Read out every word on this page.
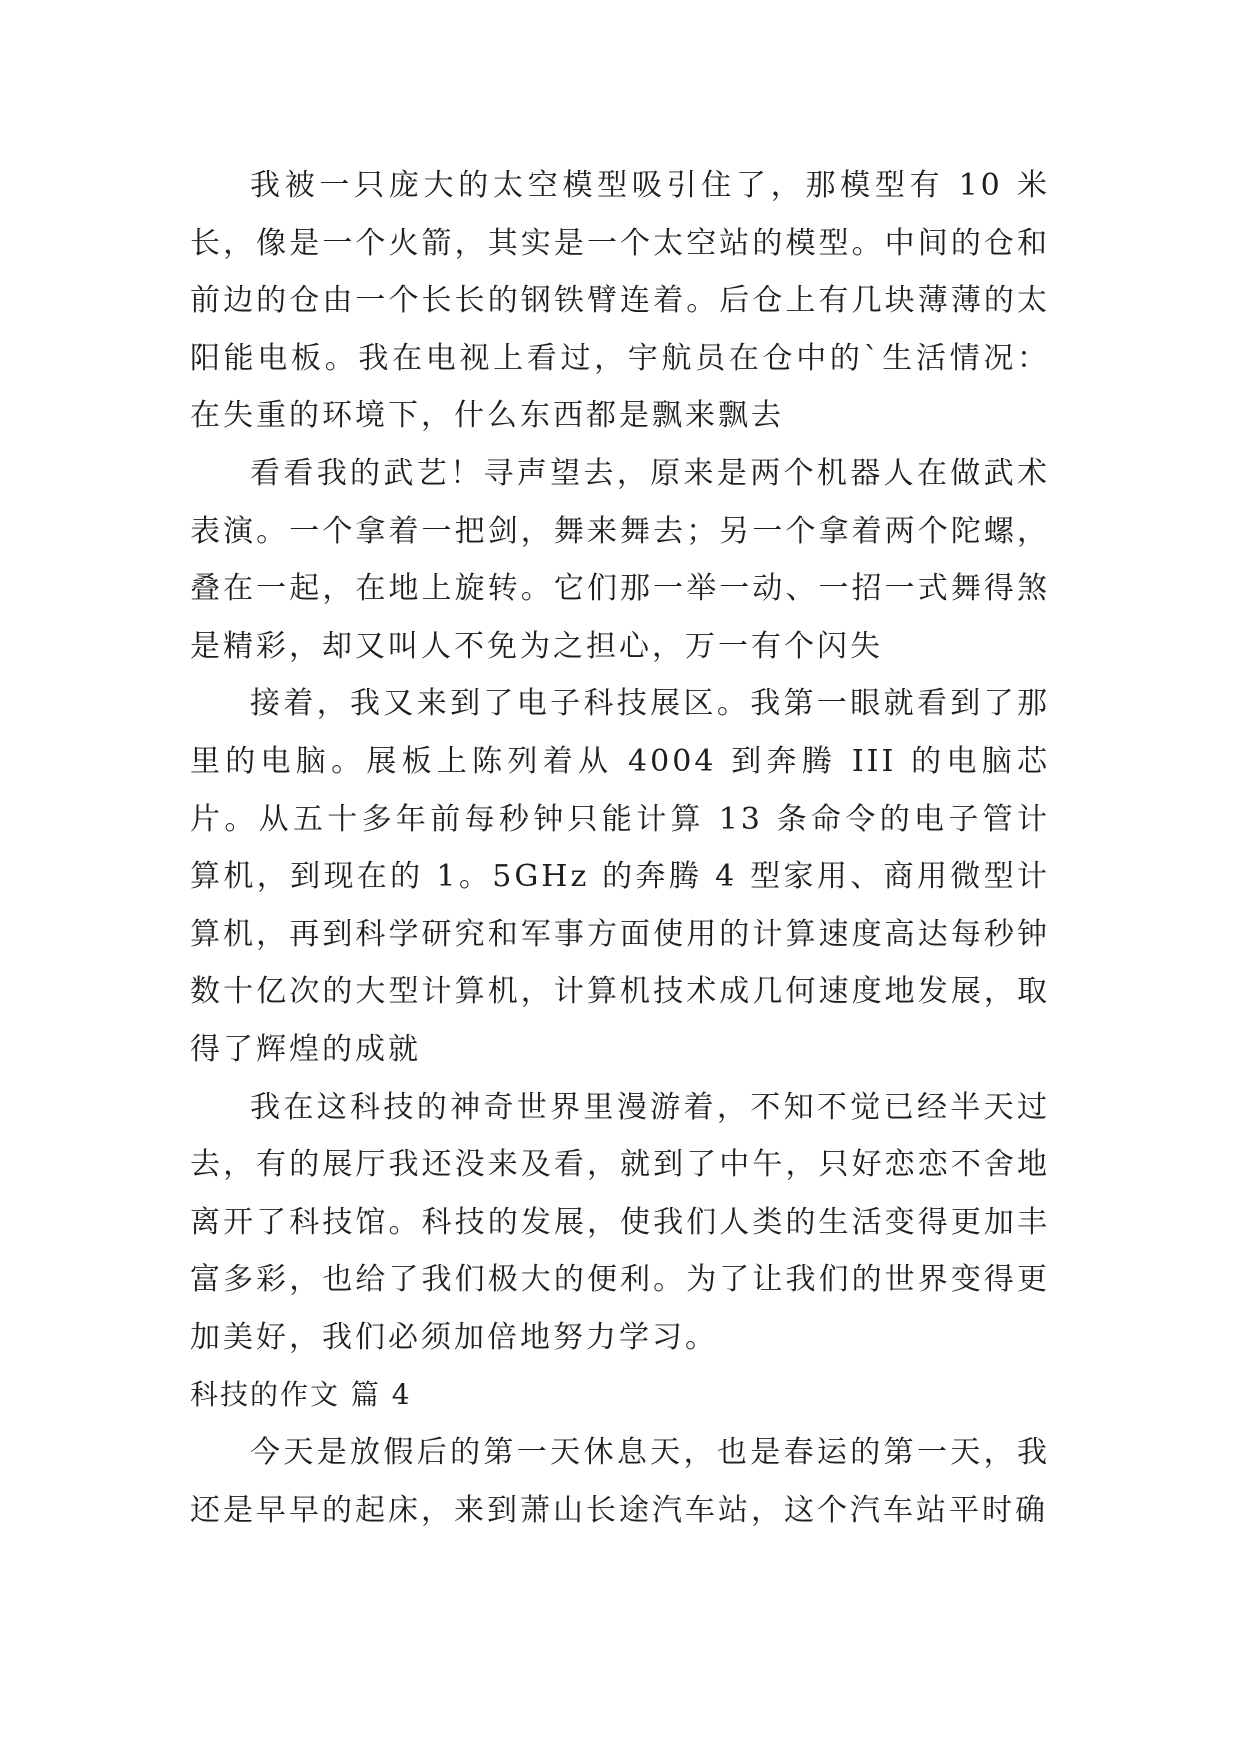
我被一只庞大的太空模型吸引住了，那模型有 10 米长，像是一个火箭，其实是一个太空站的模型。中间的仓和前边的仓由一个长长的钢铁臂连着。后仓上有几块薄薄的太阳能电板。我在电视上看过，宇航员在仓中的`生活情况：在失重的环境下，什么东西都是飘来飘去

看看我的武艺！寻声望去，原来是两个机器人在做武术表演。一个拿着一把剑，舞来舞去；另一个拿着两个陀螺，叠在一起，在地上旋转。它们那一举一动、一招一式舞得煞是精彩，却又叫人不免为之担心，万一有个闪失

接着，我又来到了电子科技展区。我第一眼就看到了那里的电脑。展板上陈列着从 4004 到奔腾 III 的电脑芯片。从五十多年前每秒钟只能计算 13 条命令的电子管计算机，到现在的 1。5GHz 的奔腾 4 型家用、商用微型计算机，再到科学研究和军事方面使用的计算速度高达每秒钟数十亿次的大型计算机，计算机技术成几何速度地发展，取得了辉煌的成就

我在这科技的神奇世界里漫游着，不知不觉已经半天过去，有的展厅我还没来及看，就到了中午，只好恋恋不舍地离开了科技馆。科技的发展，使我们人类的生活变得更加丰富多彩，也给了我们极大的便利。为了让我们的世界变得更加美好，我们必须加倍地努力学习。

科技的作文 篇 4

今天是放假后的第一天休息天，也是春运的第一天，我还是早早的起床，来到萧山长途汽车站，这个汽车站平时确
